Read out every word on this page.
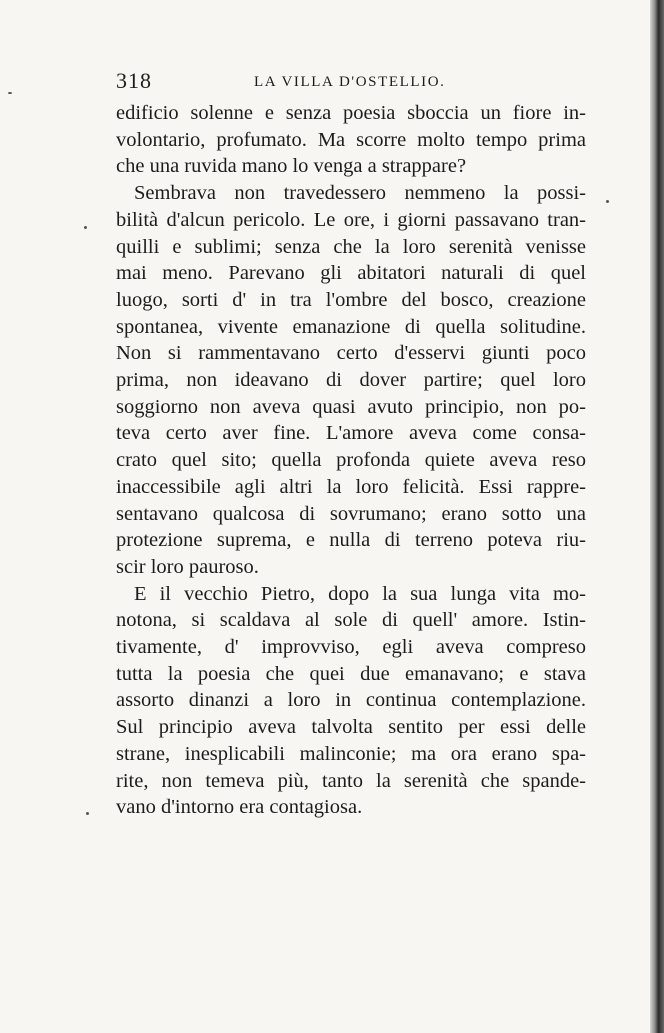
318	LA VILLA D'OSTELLIO.
edificio solenne e senza poesia sboccia un fiore in-
volontario, profumato. Ma scorre molto tempo prima
che una ruvida mano lo venga a strappare?
Sembrava non travedessero nemmeno la possi-
bilità d'alcun pericolo. Le ore, i giorni passavano tran-
quilli e sublimi; senza che la loro serenità venisse
mai meno. Parevano gli abitatori naturali di quel
luogo, sorti d' in tra l'ombre del bosco, creazione
spontanea, vivente emanazione di quella solitudine.
Non si rammentavano certo d'esservi giunti poco
prima, non ideavano di dover partire; quel loro
soggiorno non aveva quasi avuto principio, non po-
teva certo aver fine. L'amore aveva come consa-
crato quel sito; quella profonda quiete aveva reso
inaccessibile agli altri la loro felicità. Essi rappre-
sentavano qualcosa di sovrumano; erano sotto una
protezione suprema, e nulla di terreno poteva riu-
scir loro pauroso.
E il vecchio Pietro, dopo la sua lunga vita mo-
notona, si scaldava al sole di quell' amore. Istin-
tivamente, d' improvviso, egli aveva compreso
tutta la poesia che quei due emanavano; e stava
assorto dinanzi a loro in continua contemplazione.
Sul principio aveva talvolta sentito per essi delle
strane, inesplicabili malinconie; ma ora erano spa-
rite, non temeva più, tanto la serenità che spande-
vano d'intorno era contagiosa.
